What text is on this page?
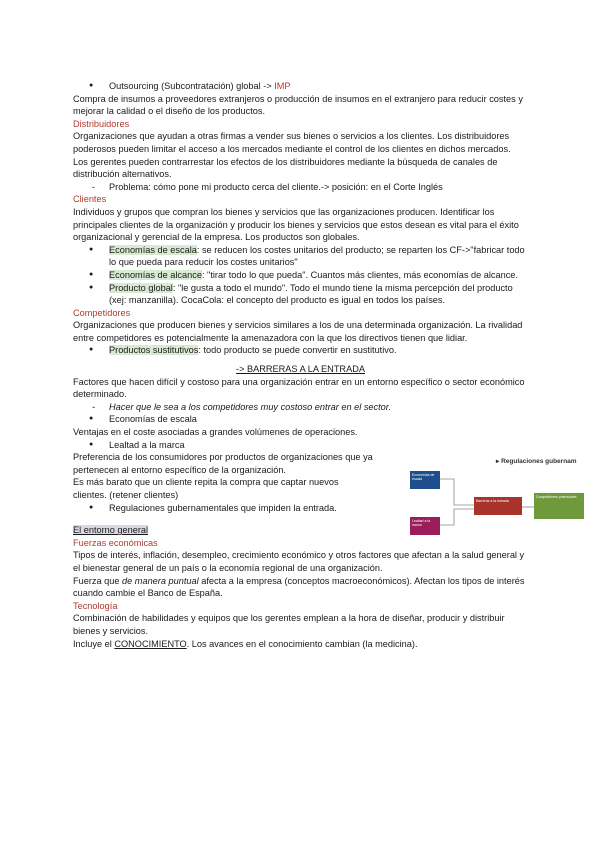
● Outsourcing (Subcontratación) global -> IMP

Compra de insumos a proveedores extranjeros o producción de insumos en el extranjero para reducir costes y mejorar la calidad o el diseño de los productos.

Distribuidores

Organizaciones que ayudan a otras firmas a vender sus bienes o servicios a los clientes. Los distribuidores poderosos pueden limitar el acceso a los mercados mediante el control de los clientes en dichos mercados. Los gerentes pueden contrarrestar los efectos de los distribuidores mediante la búsqueda de canales de distribución alternativos.

- Problema: cómo pone mi producto cerca del cliente.-> posición: en el Corte Inglés

Clientes

Individuos y grupos que compran los bienes y servicios que las organizaciones producen. Identificar los principales clientes de la organización y producir los bienes y servicios que estos desean es vital para el éxito organizacional y gerencial de la empresa. Los productos son globales.

● Economías de escala: se reducen los costes unitarios del producto; se reparten los CF->"fabricar todo lo que pueda para reducir los costes unitarios"

● Economías de alcance: "tirar todo lo que pueda". Cuantos más clientes, más economías de alcance.

● Producto global: "le gusta a todo el mundo". Todo el mundo tiene la misma percepción del producto (xej: manzanilla). CocaCola: el concepto del producto es igual en todos los países.

Competidores

Organizaciones que producen bienes y servicios similares a los de una determinada organización. La rivalidad entre competidores es potencialmente la amenazadora con la que los directivos tienen que lidiar.

● Productos sustitutivos: todo producto se puede convertir en sustitutivo.

-> BARRERAS A LA ENTRADA

Factores que hacen difícil y costoso para una organización entrar en un entorno específico o sector económico determinado.

- Hacer que le sea a los competidores muy costoso entrar en el sector.

● Economías de escala

Ventajas en el coste asociadas a grandes volúmenes de operaciones.

● Lealtad a la marca

Preferencia de los consumidores por productos de organizaciones que ya pertenecen al entorno específico de la organización.

Es más barato que un cliente repita la compra que captar nuevos clientes. (retener clientes)

● Regulaciones gubernamentales que impiden la entrada.

El entorno general

Fuerzas económicas

Tipos de interés, inflación, desempleo, crecimiento económico y otros factores que afectan a la salud general y el bienestar general de un país o la economía regional de una organización.

Fuerza que de manera puntual afecta a la empresa (conceptos macroeconómicos). Afectan los tipos de interés cuando cambie el Banco de España.

Tecnología

Combinación de habilidades y equipos que los gerentes emplean a la hora de diseñar, producir y distribuir bienes y servicios.

Incluye el CONOCIMIENTO. Los avances en el conocimiento cambian (la medicina).

▸ Regulaciones gubernam
Economías de escala
Lealtad a la marca
Barreras a la entrada
Competidores potenciales
